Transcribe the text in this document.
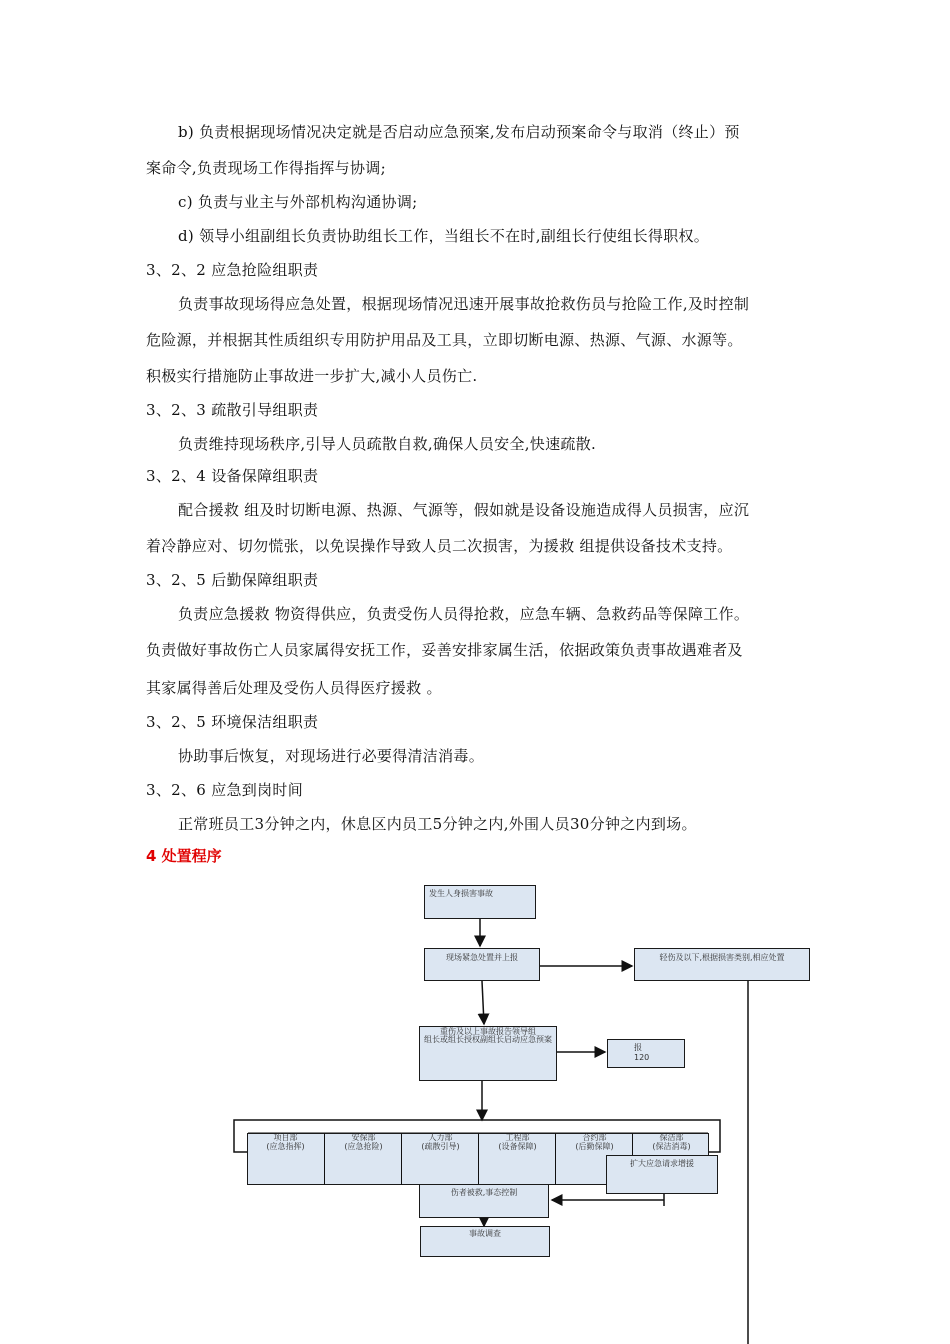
b) 负责根据现场情况决定就是否启动应急预案,发布启动预案命令与取消（终止）预
案命令,负责现场工作得指挥与协调;
c) 负责与业主与外部机构沟通协调;
d) 领导小组副组长负责协助组长工作，当组长不在时,副组长行使组长得职权。
3、2、2 应急抢险组职责
负责事故现场得应急处置，根据现场情况迅速开展事故抢救伤员与抢险工作,及时控制
危险源，并根据其性质组织专用防护用品及工具，立即切断电源、热源、气源、水源等。
积极实行措施防止事故进一步扩大,减小人员伤亡.
3、2、3 疏散引导组职责
负责维持现场秩序,引导人员疏散自救,确保人员安全,快速疏散.
3、2、4 设备保障组职责
配合援救 组及时切断电源、热源、气源等，假如就是设备设施造成得人员损害，应沉
着冷静应对、切勿慌张，以免误操作导致人员二次损害，为援救 组提供设备技术支持。
3、2、5 后勤保障组职责
负责应急援救 物资得供应，负责受伤人员得抢救，应急车辆、急救药品等保障工作。
负责做好事故伤亡人员家属得安抚工作，妥善安排家属生活，依据政策负责事故遇难者及
其家属得善后处理及受伤人员得医疗援救 。
3、2、5 环境保洁组职责
协助事后恢复，对现场进行必要得清洁消毒。
3、2、6 应急到岗时间
正常班员工3分钟之内，休息区内员工5分钟之内,外围人员30分钟之内到场。
4 处置程序
发生人身损害事故
现场紧急处置并上报	轻伤及以下,根据损害类别,相应处置
重伤及以上事故报告领导组
组长或组长授权副组长启动应急预案
报 120
项目部
(应急指挥)
安保部
(应急抢险)
人力部
(疏散引导)
工程部
(设备保障)
合约部
(后勤保障)
保洁部
(保洁消毒)
扩大应急请求增援
伤者被救,事态控制
事故调查
